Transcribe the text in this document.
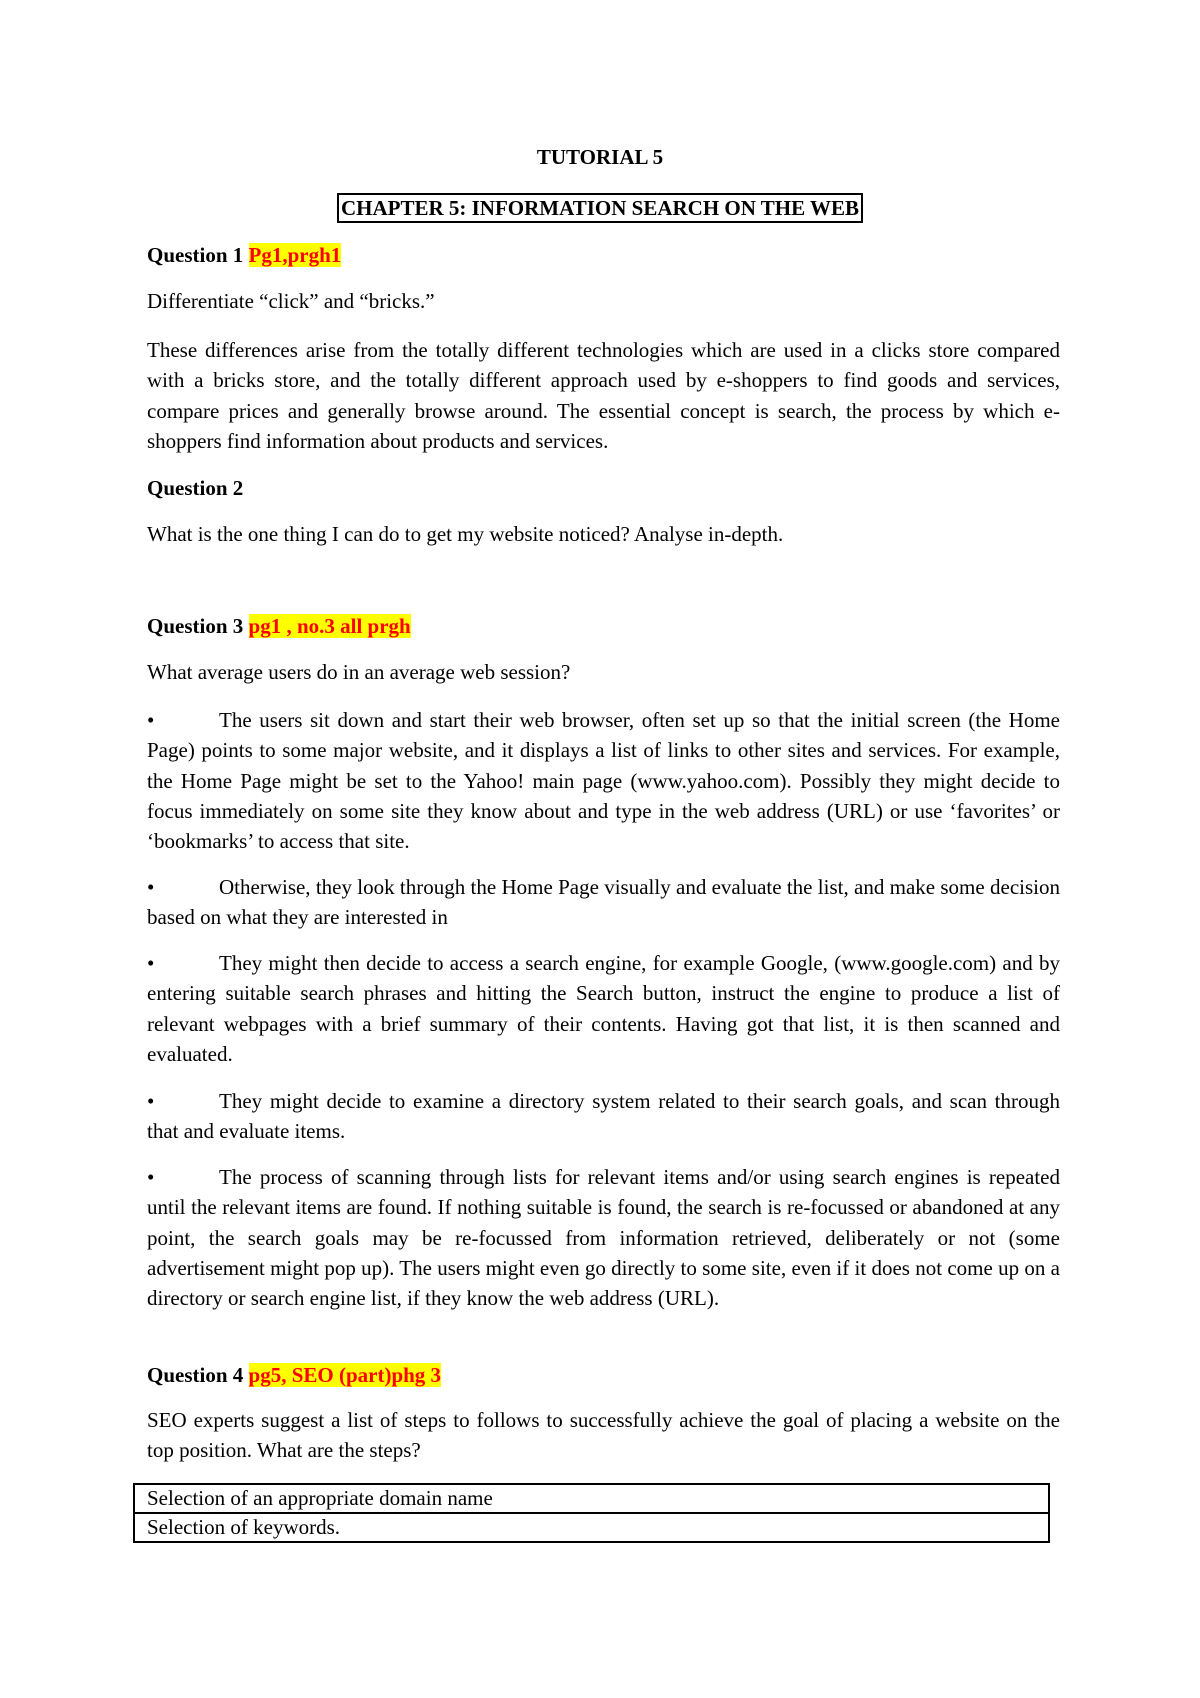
TUTORIAL 5

CHAPTER 5: INFORMATION SEARCH ON THE WEB

Question 1 Pg1,prgh1

Differentiate “click” and “bricks.”

These differences arise from the totally different technologies which are used in a clicks store compared with a bricks store, and the totally different approach used by e-shoppers to find goods and services, compare prices and generally browse around. The essential concept is search, the process by which e-shoppers find information about products and services.

Question 2

What is the one thing I can do to get my website noticed? Analyse in-depth.

Question 3 pg1 , no.3 all prgh

What average users do in an average web session?

•	The users sit down and start their web browser, often set up so that the initial screen (the Home Page) points to some major website, and it displays a list of links to other sites and services. For example, the Home Page might be set to the Yahoo! main page (www.yahoo.com). Possibly they might decide to focus immediately on some site they know about and type in the web address (URL) or use ‘favorites’ or ‘bookmarks’ to access that site.

•	Otherwise, they look through the Home Page visually and evaluate the list, and make some decision based on what they are interested in

•	They might then decide to access a search engine, for example Google, (www.google.com) and by entering suitable search phrases and hitting the Search button, instruct the engine to produce a list of relevant webpages with a brief summary of their contents. Having got that list, it is then scanned and evaluated.

•	They might decide to examine a directory system related to their search goals, and scan through that and evaluate items.

•	The process of scanning through lists for relevant items and/or using search engines is repeated until the relevant items are found. If nothing suitable is found, the search is re-focussed or abandoned at any point, the search goals may be re-focussed from information retrieved, deliberately or not (some advertisement might pop up). The users might even go directly to some site, even if it does not come up on a directory or search engine list, if they know the web address (URL).

Question 4 pg5, SEO (part)phg 3

SEO experts suggest a list of steps to follows to successfully achieve the goal of placing a website on the top position. What are the steps?

Selection of an appropriate domain name
Selection of keywords.
